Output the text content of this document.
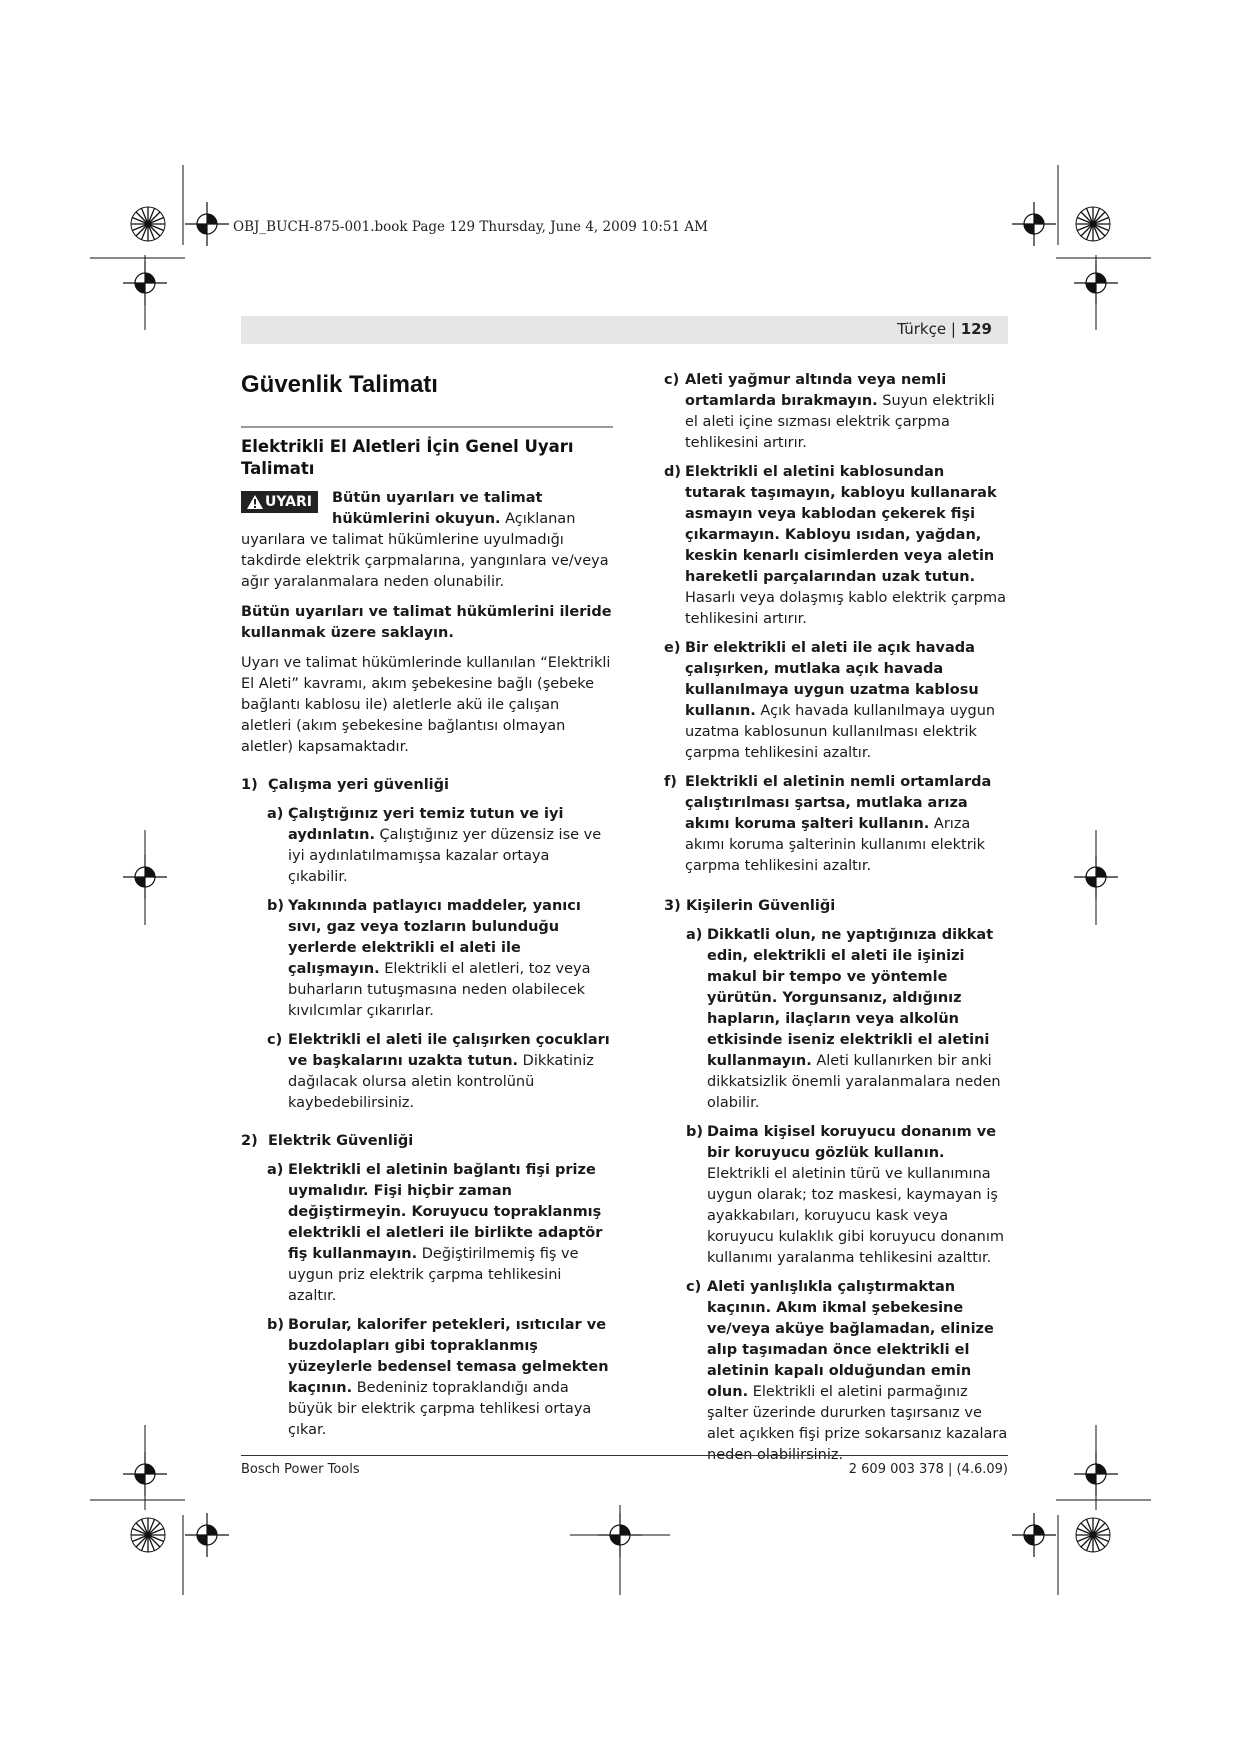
OBJ_BUCH-875-001.book Page 129 Thursday, June 4, 2009 10:51 AM
Türkçe | 129
Güvenlik Talimatı
Elektrikli El Aletleri İçin Genel Uyarı Talimatı
UYARI	Bütün uyarıları ve talimat hükümlerini okuyun. Açıklanan uyarılara ve talimat hükümlerine uyulmadığı takdirde elektrik çarpmalarına, yangınlara ve/veya ağır yaralanmalara neden olunabilir.

Bütün uyarıları ve talimat hükümlerini ileride kullanmak üzere saklayın.

Uyarı ve talimat hükümlerinde kullanılan “Elektrikli El Aleti” kavramı, akım şebekesine bağlı (şebeke bağlantı kablosu ile) aletlerle akü ile çalışan aletleri (akım şebekesine bağlantısı olmayan aletler) kapsamaktadır.

1) Çalışma yeri güvenliği
a) Çalıştığınız yeri temiz tutun ve iyi aydınlatın. Çalıştığınız yer düzensiz ise ve iyi aydınlatılmamışsa kazalar ortaya çıkabilir.

b) Yakınında patlayıcı maddeler, yanıcı sıvı, gaz veya tozların bulunduğu yerlerde elektrikli el aleti ile çalışmayın. Elektrikli el aletleri, toz veya buharların tutuşmasına neden olabilecek kıvılcımlar çıkarırlar.

c) Elektrikli el aleti ile çalışırken çocukları ve başkalarını uzakta tutun. Dikkatiniz dağılacak olursa aletin kontrolünü kaybedebilirsiniz.

2) Elektrik Güvenliği
a) Elektrikli el aletinin bağlantı fişi prize uymalıdır. Fişi hiçbir zaman değiştirmeyin. Koruyucu topraklanmış elektrikli el aletleri ile birlikte adaptör fiş kullanmayın. Değiştirilmemiş fiş ve uygun priz elektrik çarpma tehlikesini azaltır.

b) Borular, kalorifer petekleri, ısıtıcılar ve buzdolapları gibi topraklanmış yüzeylerle bedensel temasa gelmekten kaçının. Bedeniniz topraklandığı anda büyük bir elektrik çarpma tehlikesi ortaya çıkar.

c) Aleti yağmur altında veya nemli ortamlarda bırakmayın. Suyun elektrikli el aleti içine sızması elektrik çarpma tehlikesini artırır.

d) Elektrikli el aletini kablosundan tutarak taşımayın, kabloyu kullanarak asmayın veya kablodan çekerek fişi çıkarmayın. Kabloyu ısıdan, yağdan, keskin kenarlı cisimlerden veya aletin hareketli parçalarından uzak tutun. Hasarlı veya dolaşmış kablo elektrik çarpma tehlikesini artırır.

e) Bir elektrikli el aleti ile açık havada çalışırken, mutlaka açık havada kullanılmaya uygun uzatma kablosu kullanın. Açık havada kullanılmaya uygun uzatma kablosunun kullanılması elektrik çarpma tehlikesini azaltır.

f) Elektrikli el aletinin nemli ortamlarda çalıştırılması şartsa, mutlaka arıza akımı koruma şalteri kullanın. Arıza akımı koruma şalterinin kullanımı elektrik çarpma tehlikesini azaltır.

3) Kişilerin Güvenliği
a) Dikkatli olun, ne yaptığınıza dikkat edin, elektrikli el aleti ile işinizi makul bir tempo ve yöntemle yürütün. Yorgunsanız, aldığınız hapların, ilaçların veya alkolün etkisinde iseniz elektrikli el aletini kullanmayın. Aleti kullanırken bir anki dikkatsizlik önemli yaralanmalara neden olabilir.

b) Daima kişisel koruyucu donanım ve bir koruyucu gözlük kullanın. Elektrikli el aletinin türü ve kullanımına uygun olarak; toz maskesi, kaymayan iş ayakkabıları, koruyucu kask veya koruyucu kulaklık gibi koruyucu donanım kullanımı yaralanma tehlikesini azalttır.

c) Aleti yanlışlıkla çalıştırmaktan kaçının. Akım ikmal şebekesine ve/veya aküye bağlamadan, elinize alıp taşımadan önce elektrikli el aletinin kapalı olduğundan emin olun. Elektrikli el aletini parmağınız şalter üzerinde dururken taşırsanız ve alet açıkken fişi prize sokarsanız kazalara neden olabilirsiniz.

Bosch Power Tools	2 609 003 378 | (4.6.09)
